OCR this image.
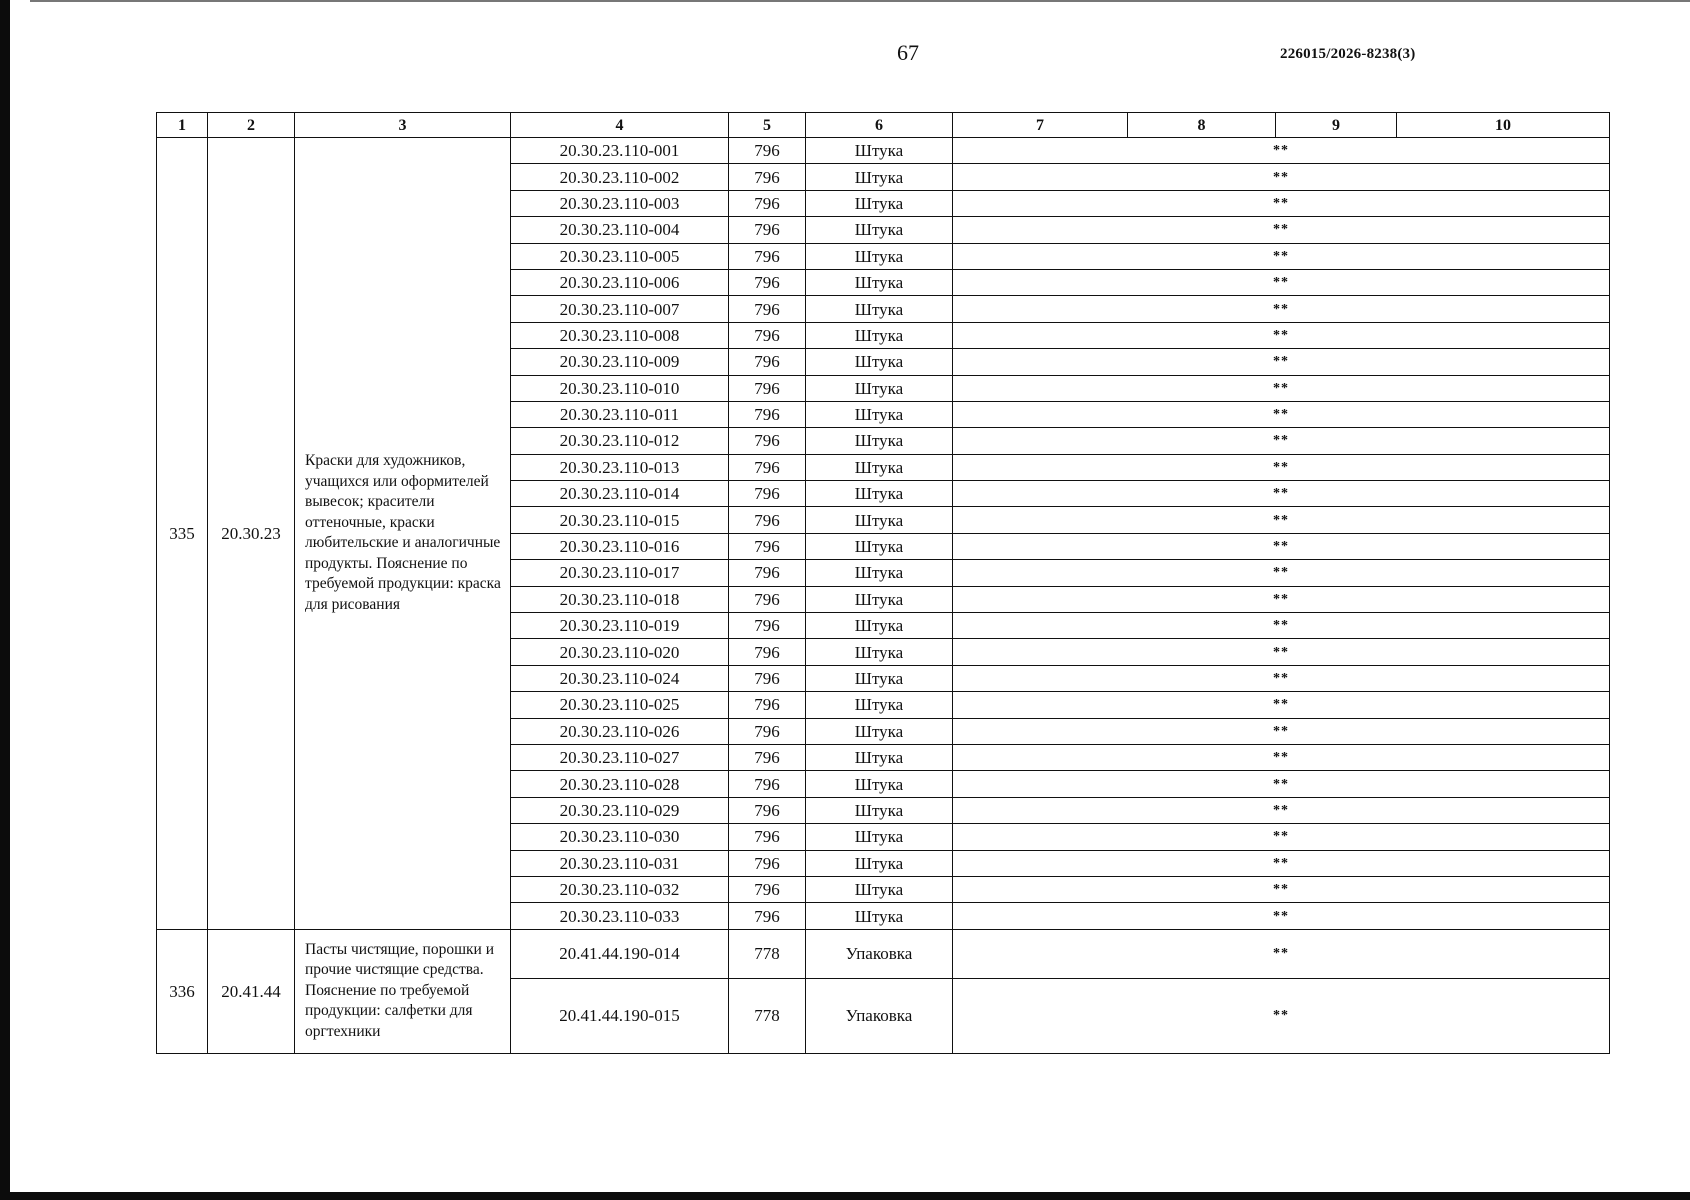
67	226015/2026-8238(3)
1	2	3	4	5	6	7	8	9	10
335	20.30.23	Краски для художников, учащихся или оформителей вывесок; красители оттеночные, краски любительские и аналогичные продукты. Пояснение по требуемой продукции: краска для рисования	20.30.23.110-001	796	Штука	**			
			20.30.23.110-002	796	Штука	**			
			20.30.23.110-003	796	Штука	**			
			20.30.23.110-004	796	Штука	**			
			20.30.23.110-005	796	Штука	**			
			20.30.23.110-006	796	Штука	**			
			20.30.23.110-007	796	Штука	**			
			20.30.23.110-008	796	Штука	**			
			20.30.23.110-009	796	Штука	**			
			20.30.23.110-010	796	Штука	**			
			20.30.23.110-011	796	Штука	**			
			20.30.23.110-012	796	Штука	**			
			20.30.23.110-013	796	Штука	**			
			20.30.23.110-014	796	Штука	**			
			20.30.23.110-015	796	Штука	**			
			20.30.23.110-016	796	Штука	**			
			20.30.23.110-017	796	Штука	**			
			20.30.23.110-018	796	Штука	**			
			20.30.23.110-019	796	Штука	**			
			20.30.23.110-020	796	Штука	**			
			20.30.23.110-024	796	Штука	**			
			20.30.23.110-025	796	Штука	**			
			20.30.23.110-026	796	Штука	**			
			20.30.23.110-027	796	Штука	**			
			20.30.23.110-028	796	Штука	**			
			20.30.23.110-029	796	Штука	**			
			20.30.23.110-030	796	Штука	**			
			20.30.23.110-031	796	Штука	**			
			20.30.23.110-032	796	Штука	**			
			20.30.23.110-033	796	Штука	**			
336	20.41.44	Пасты чистящие, порошки и прочие чистящие средства. Пояснение по требуемой продукции: салфетки для оргтехники	20.41.44.190-014	778	Упаковка	**			
			20.41.44.190-015	778	Упаковка	**			
